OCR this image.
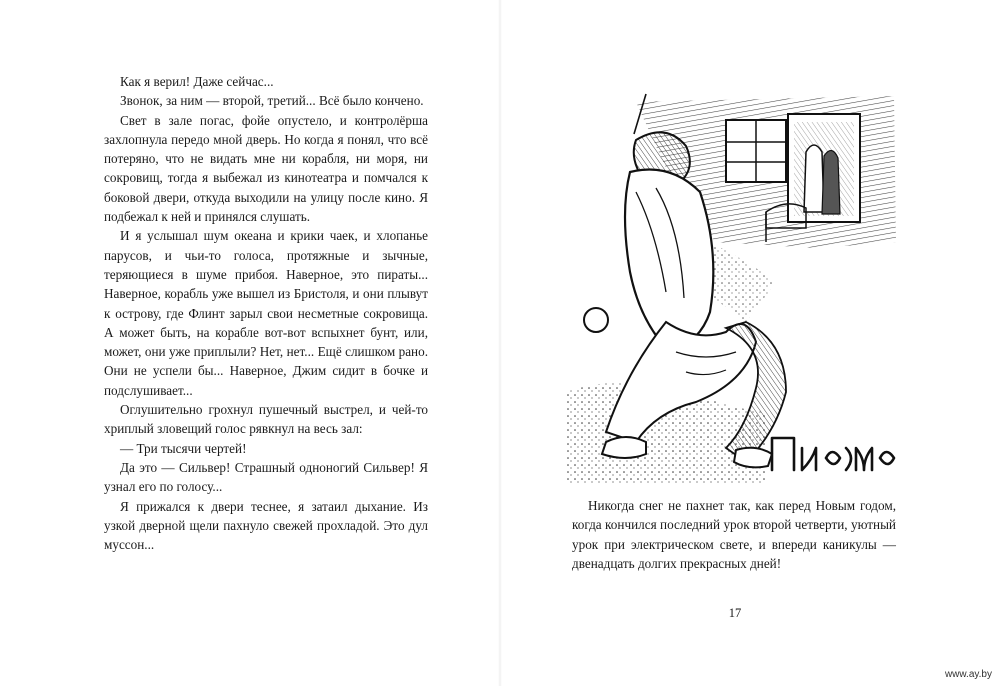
Как я верил! Даже сейчас...

Звонок, за ним — второй, третий... Всё было кончено.

Свет в зале погас, фойе опустело, и контролёрша захлопнула передо мной дверь. Но когда я понял, что всё потеряно, что не видать мне ни корабля, ни моря, ни сокровищ, тогда я выбежал из кинотеатра и помчался к боковой двери, откуда выходили на улицу после кино. Я подбежал к ней и принялся слушать.

И я услышал шум океана и крики чаек, и хлопанье парусов, и чьи-то голоса, протяжные и зычные, теряющиеся в шуме прибоя. Наверное, это пираты... Наверное, корабль уже вышел из Бристоля, и они плывут к острову, где Флинт зарыл свои несметные сокровища. А может быть, на корабле вот-вот вспыхнет бунт, или, может, они уже приплыли? Нет, нет... Ещё слишком рано. Они не успели бы... Наверное, Джим сидит в бочке и подслушивает...

Оглушительно грохнул пушечный выстрел, и чей-то хриплый зловещий голос рявкнул на весь зал:

— Три тысячи чертей!

Да это — Сильвер! Страшный одноногий Сильвер! Я узнал его по голосу...

Я прижался к двери теснее, я затаил дыхание. Из узкой дверной щели пахнуло свежей прохладой. Это дул муссон...

Никогда снег не пахнет так, как перед Новым годом, когда кончился последний урок второй четверти, уютный урок при электрическом свете, и впереди каникулы — двенадцать долгих прекрасных дней!

17
www.ay.by
